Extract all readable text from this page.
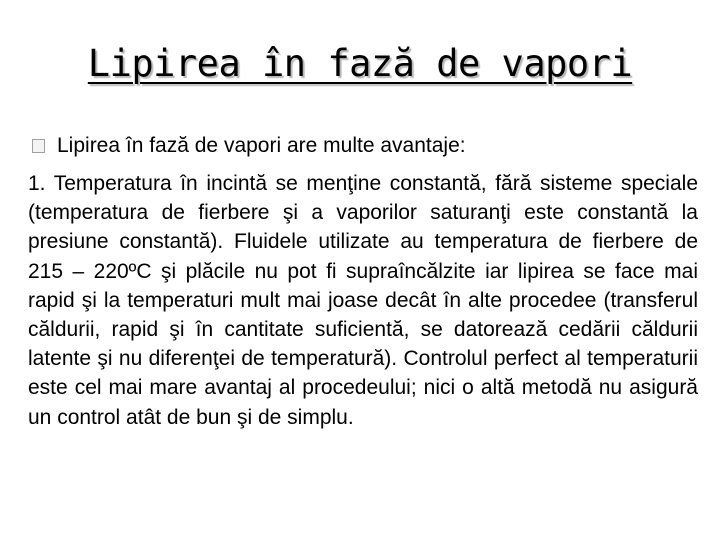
Lipirea în fază de vapori
Lipirea în fază de vapori are multe avantaje:
1. Temperatura în incintă se menţine constantă, fără sisteme speciale (temperatura de fierbere şi a vaporilor saturanţi este constantă la presiune constantă). Fluidele utilizate au temperatura de fierbere de 215 – 220ºC şi plăcile nu pot fi supraîncălzite iar lipirea se face mai rapid şi la temperaturi mult mai joase decât în alte procedee (transferul căldurii, rapid şi în cantitate suficientă, se datorează cedării căldurii latente şi nu diferenţei de temperatură). Controlul perfect al temperaturii este cel mai mare avantaj al procedeului; nici o altă metodă nu asigură un control atât de bun şi de simplu.
